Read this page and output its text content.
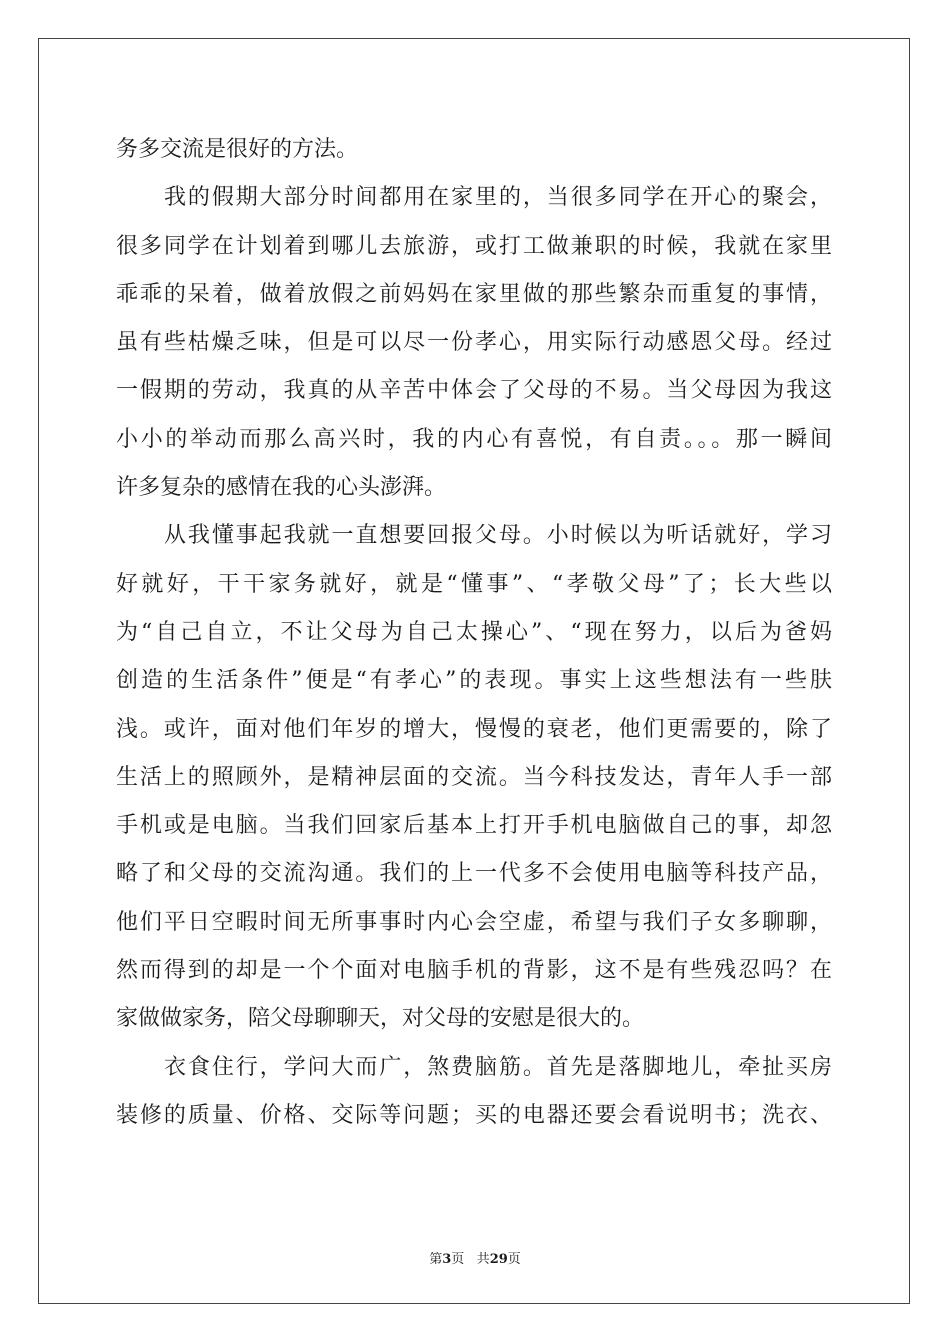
务多交流是很好的方法。
我的假期大部分时间都用在家里的，当很多同学在开心的聚会，
很多同学在计划着到哪儿去旅游，或打工做兼职的时候，我就在家里
乖乖的呆着，做着放假之前妈妈在家里做的那些繁杂而重复的事情，
虽有些枯燥乏味，但是可以尽一份孝心，用实际行动感恩父母。经过
一假期的劳动，我真的从辛苦中体会了父母的不易。当父母因为我这
小小的举动而那么高兴时，我的内心有喜悦，有自责。。。那一瞬间
许多复杂的感情在我的心头澎湃。
从我懂事起我就一直想要回报父母。小时候以为听话就好，学习
好就好，干干家务就好，就是“懂事”、“孝敬父母”了；长大些以
为“自己自立，不让父母为自己太操心”、“现在努力，以后为爸妈
创造的生活条件”便是“有孝心”的表现。事实上这些想法有一些肤
浅。或许，面对他们年岁的增大，慢慢的衰老，他们更需要的，除了
生活上的照顾外，是精神层面的交流。当今科技发达，青年人手一部
手机或是电脑。当我们回家后基本上打开手机电脑做自己的事，却忽
略了和父母的交流沟通。我们的上一代多不会使用电脑等科技产品，
他们平日空暇时间无所事事时内心会空虚，希望与我们子女多聊聊，
然而得到的却是一个个面对电脑手机的背影，这不是有些残忍吗？在
家做做家务，陪父母聊聊天，对父母的安慰是很大的。
衣食住行，学问大而广，煞费脑筋。首先是落脚地儿，牵扯买房
装修的质量、价格、交际等问题；买的电器还要会看说明书；洗衣、
第3页 共29页
